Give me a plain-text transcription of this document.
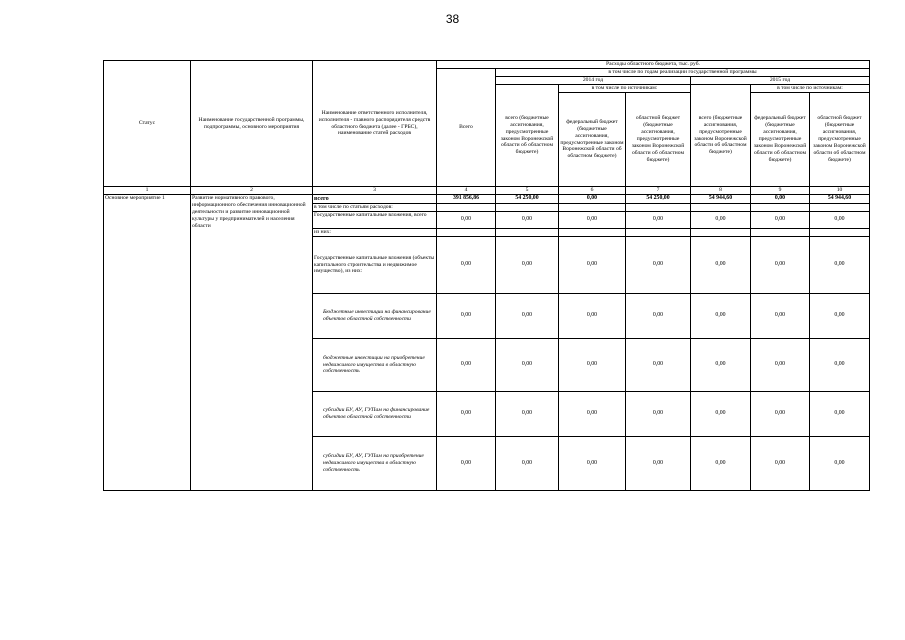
38
Статус	Наименование государственной программы, подпрограммы, основного мероприятия	Наименование ответственного исполнителя, исполнителя - главного распорядителя средств областного бюджета (далее - ГРБС), наименование статей расходов	Расходы областного бюджета, тыс. руб.						
			Всего	в том числе по годам реализации государственной программы					
				2014 год			2015 год		
				всего (бюджетные ассигнования, предусмотренные законом Воронежской области об областном бюджете)	в том числе по источникам:		всего (бюджетные ассигнования, предусмотренные законом Воронежской области об областном бюджете)	в том числе по источникам:	
					федеральный бюджет (бюджетные ассигнования, предусмотренные законом Воронежской области об областном бюджете)	областной бюджет (бюджетные ассигнования, предусмотренные законом Воронежской области об областном бюджете)		федеральный бюджет (бюджетные ассигнования, предусмотренные законом Воронежской области об областном бюджете)	областной бюджет (бюджетные ассигнования, предусмотренные законом Воронежской области об областном бюджете)
1	2	3	4	5	6	7	8	9	10
Основное мероприятие 1	Развитие нормативного правового, информационного обеспечения инновационной деятельности и развитие инновационной культуры у предпринимателей и населения области	всего	391 856,86	54 250,00	0,00	54 250,00	54 944,60	0,00	54 944,60
		в том числе по статьям расходов:							
		Государственные капитальные вложения, всего	0,00	0,00	0,00	0,00	0,00	0,00	0,00
		из них:							
		Государственные капитальные вложения (объекты капитального строительства и недвижимое имущество), из них:	0,00	0,00	0,00	0,00	0,00	0,00	0,00
		Бюджетные инвестиции на финансирование объектов областной собственности	0,00	0,00	0,00	0,00	0,00	0,00	0,00
		бюджетные инвестиции на приобретение недвижимого имущества в областную собственность	0,00	0,00	0,00	0,00	0,00	0,00	0,00
		субсидии БУ, АУ, ГУПам на финансирование объектов областной собственности	0,00	0,00	0,00	0,00	0,00	0,00	0,00
		субсидии БУ, АУ, ГУПам на приобретение недвижимого имущества в областную собственность	0,00	0,00	0,00	0,00	0,00	0,00	0,00
